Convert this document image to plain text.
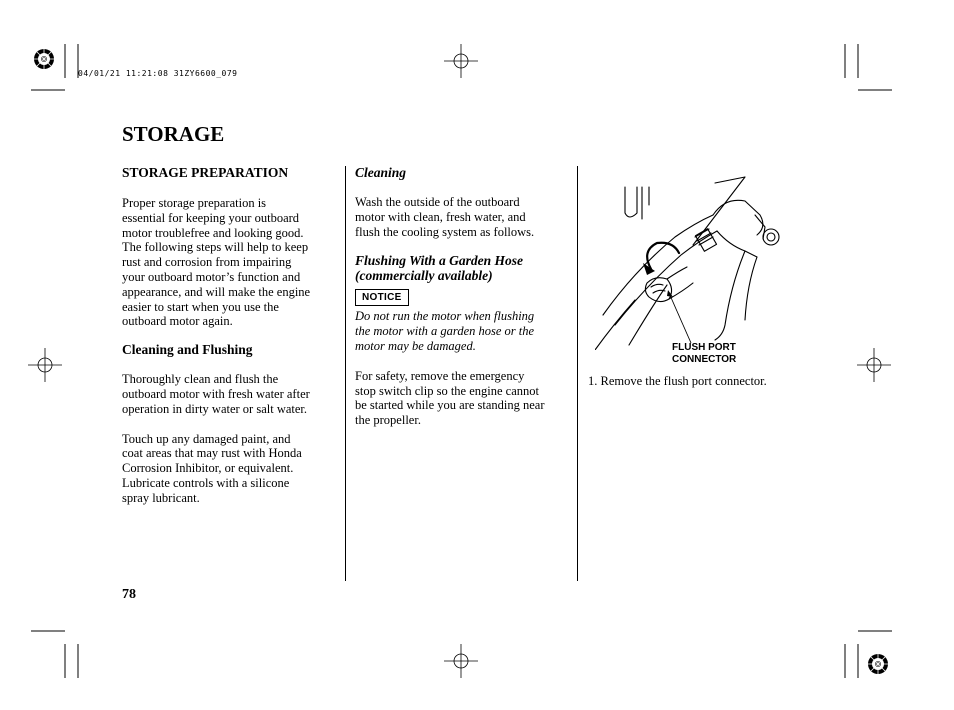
04/01/21 11:21:08 31ZY6600_079
STORAGE

STORAGE PREPARATION

Proper storage preparation is

essential for keeping your outboard

motor troublefree and looking good.

The following steps will help to keep

rust and corrosion from impairing

your outboard motor’s function and

appearance, and will make the engine

easier to start when you use the

outboard motor again.

Cleaning and Flushing

Thoroughly clean and flush the

outboard motor with fresh water after

operation in dirty water or salt water.

Touch up any damaged paint, and

coat areas that may rust with Honda

Corrosion Inhibitor, or equivalent.

Lubricate controls with a silicone

spray lubricant.

Cleaning

Wash the outside of the outboard

motor with clean, fresh water, and

flush the cooling system as follows.

Flushing With a Garden Hose

(commercially available)

NOTICE

Do not run the motor when flushing

the motor with a garden hose or the

motor may be damaged.

For safety, remove the emergency

stop switch clip so the engine cannot

be started while you are standing near

the propeller.

FLUSH PORT
CONNECTOR
1. Remove the flush port connector.
78
